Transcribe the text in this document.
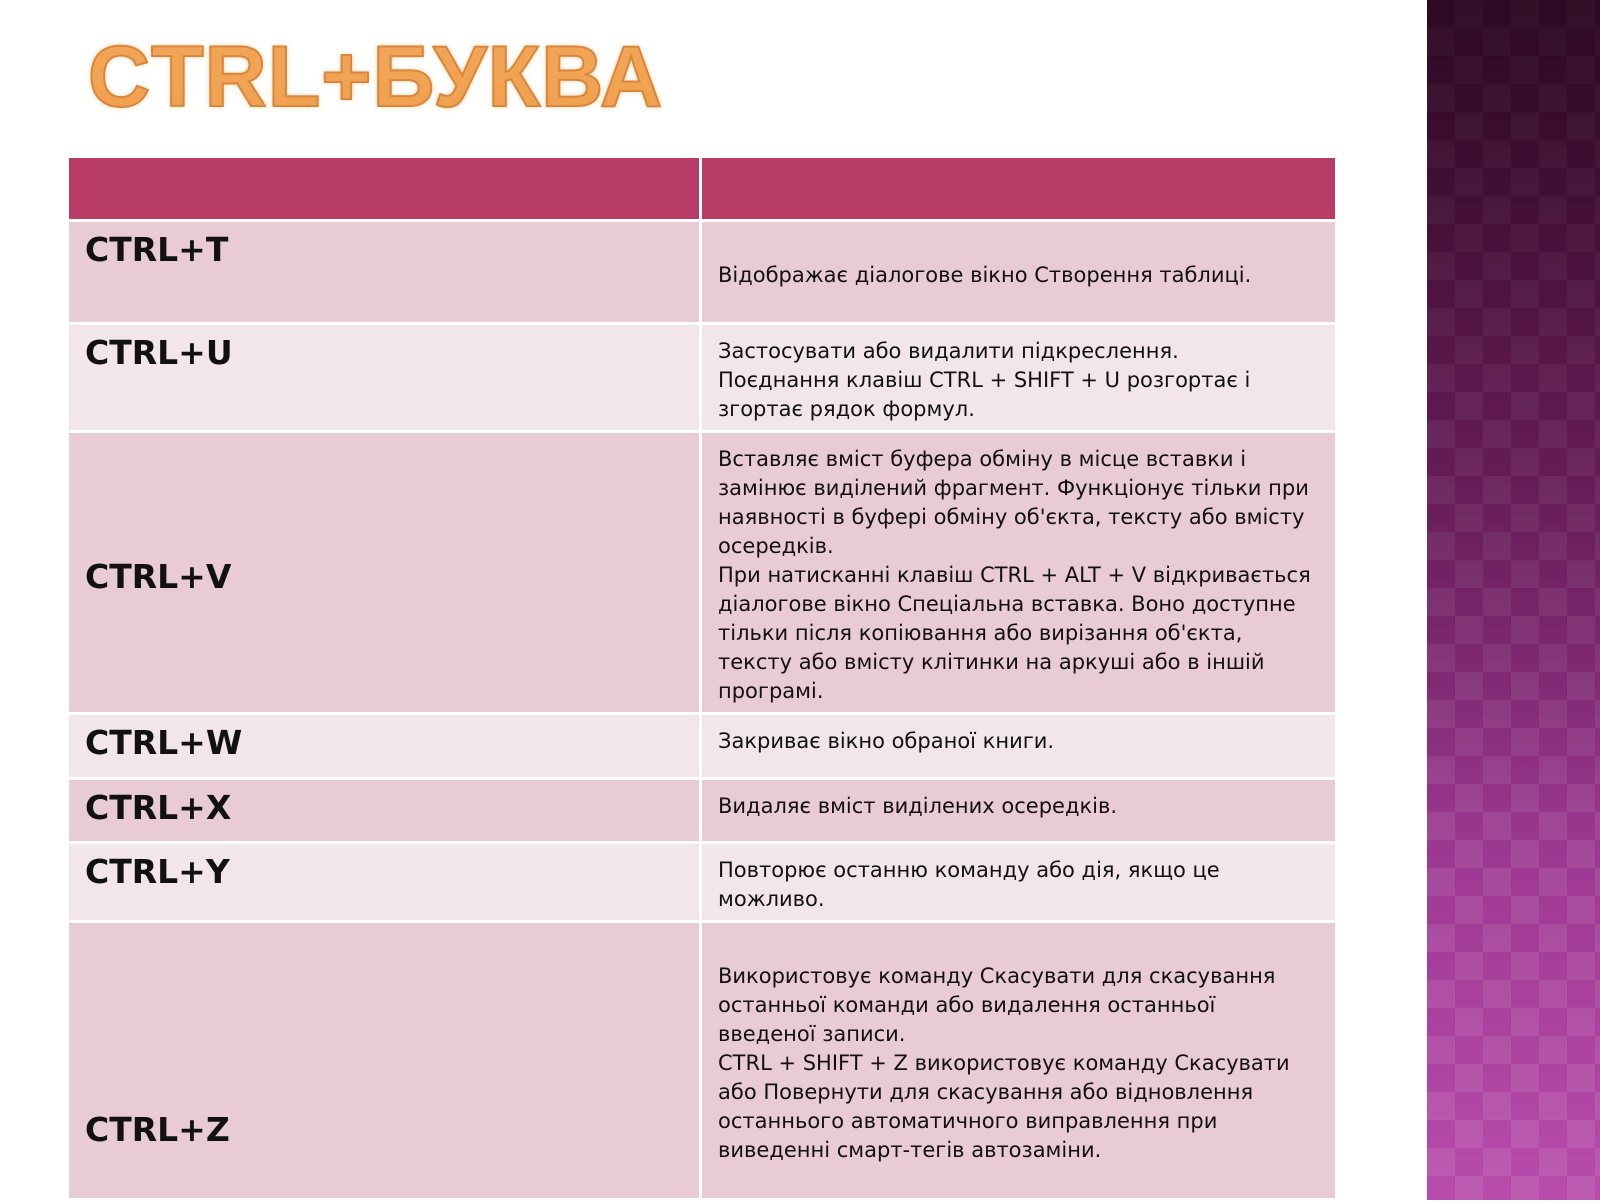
CTRL+БУКВА

CTRL+T	Відображає діалогове вікно Створення таблиці.
CTRL+U	Застосувати або видалити підкреслення.
Поєднання клавіш CTRL + SHIFT + U розгортає і згортає рядок формул.
CTRL+V	Вставляє вміст буфера обміну в місце вставки і замінює виділений фрагмент. Функціонує тільки при наявності в буфері обміну об'єкта, тексту або вмісту осередків.
При натисканні клавіш CTRL + ALT + V відкривається діалогове вікно Спеціальна вставка. Воно доступне тільки після копіювання або вирізання об'єкта, тексту або вмісту клітинки на аркуші або в іншій програмі.
CTRL+W	Закриває вікно обраної книги.
CTRL+X	Видаляє вміст виділених осередків.
CTRL+Y	Повторює останню команду або дія, якщо це можливо.
CTRL+Z	Використовує команду Скасувати для скасування останньої команди або видалення останньої введеної записи.
CTRL + SHIFT + Z використовує команду Скасувати або Повернути для скасування або відновлення останнього автоматичного виправлення при виведенні смарт-тегів автозаміни.
